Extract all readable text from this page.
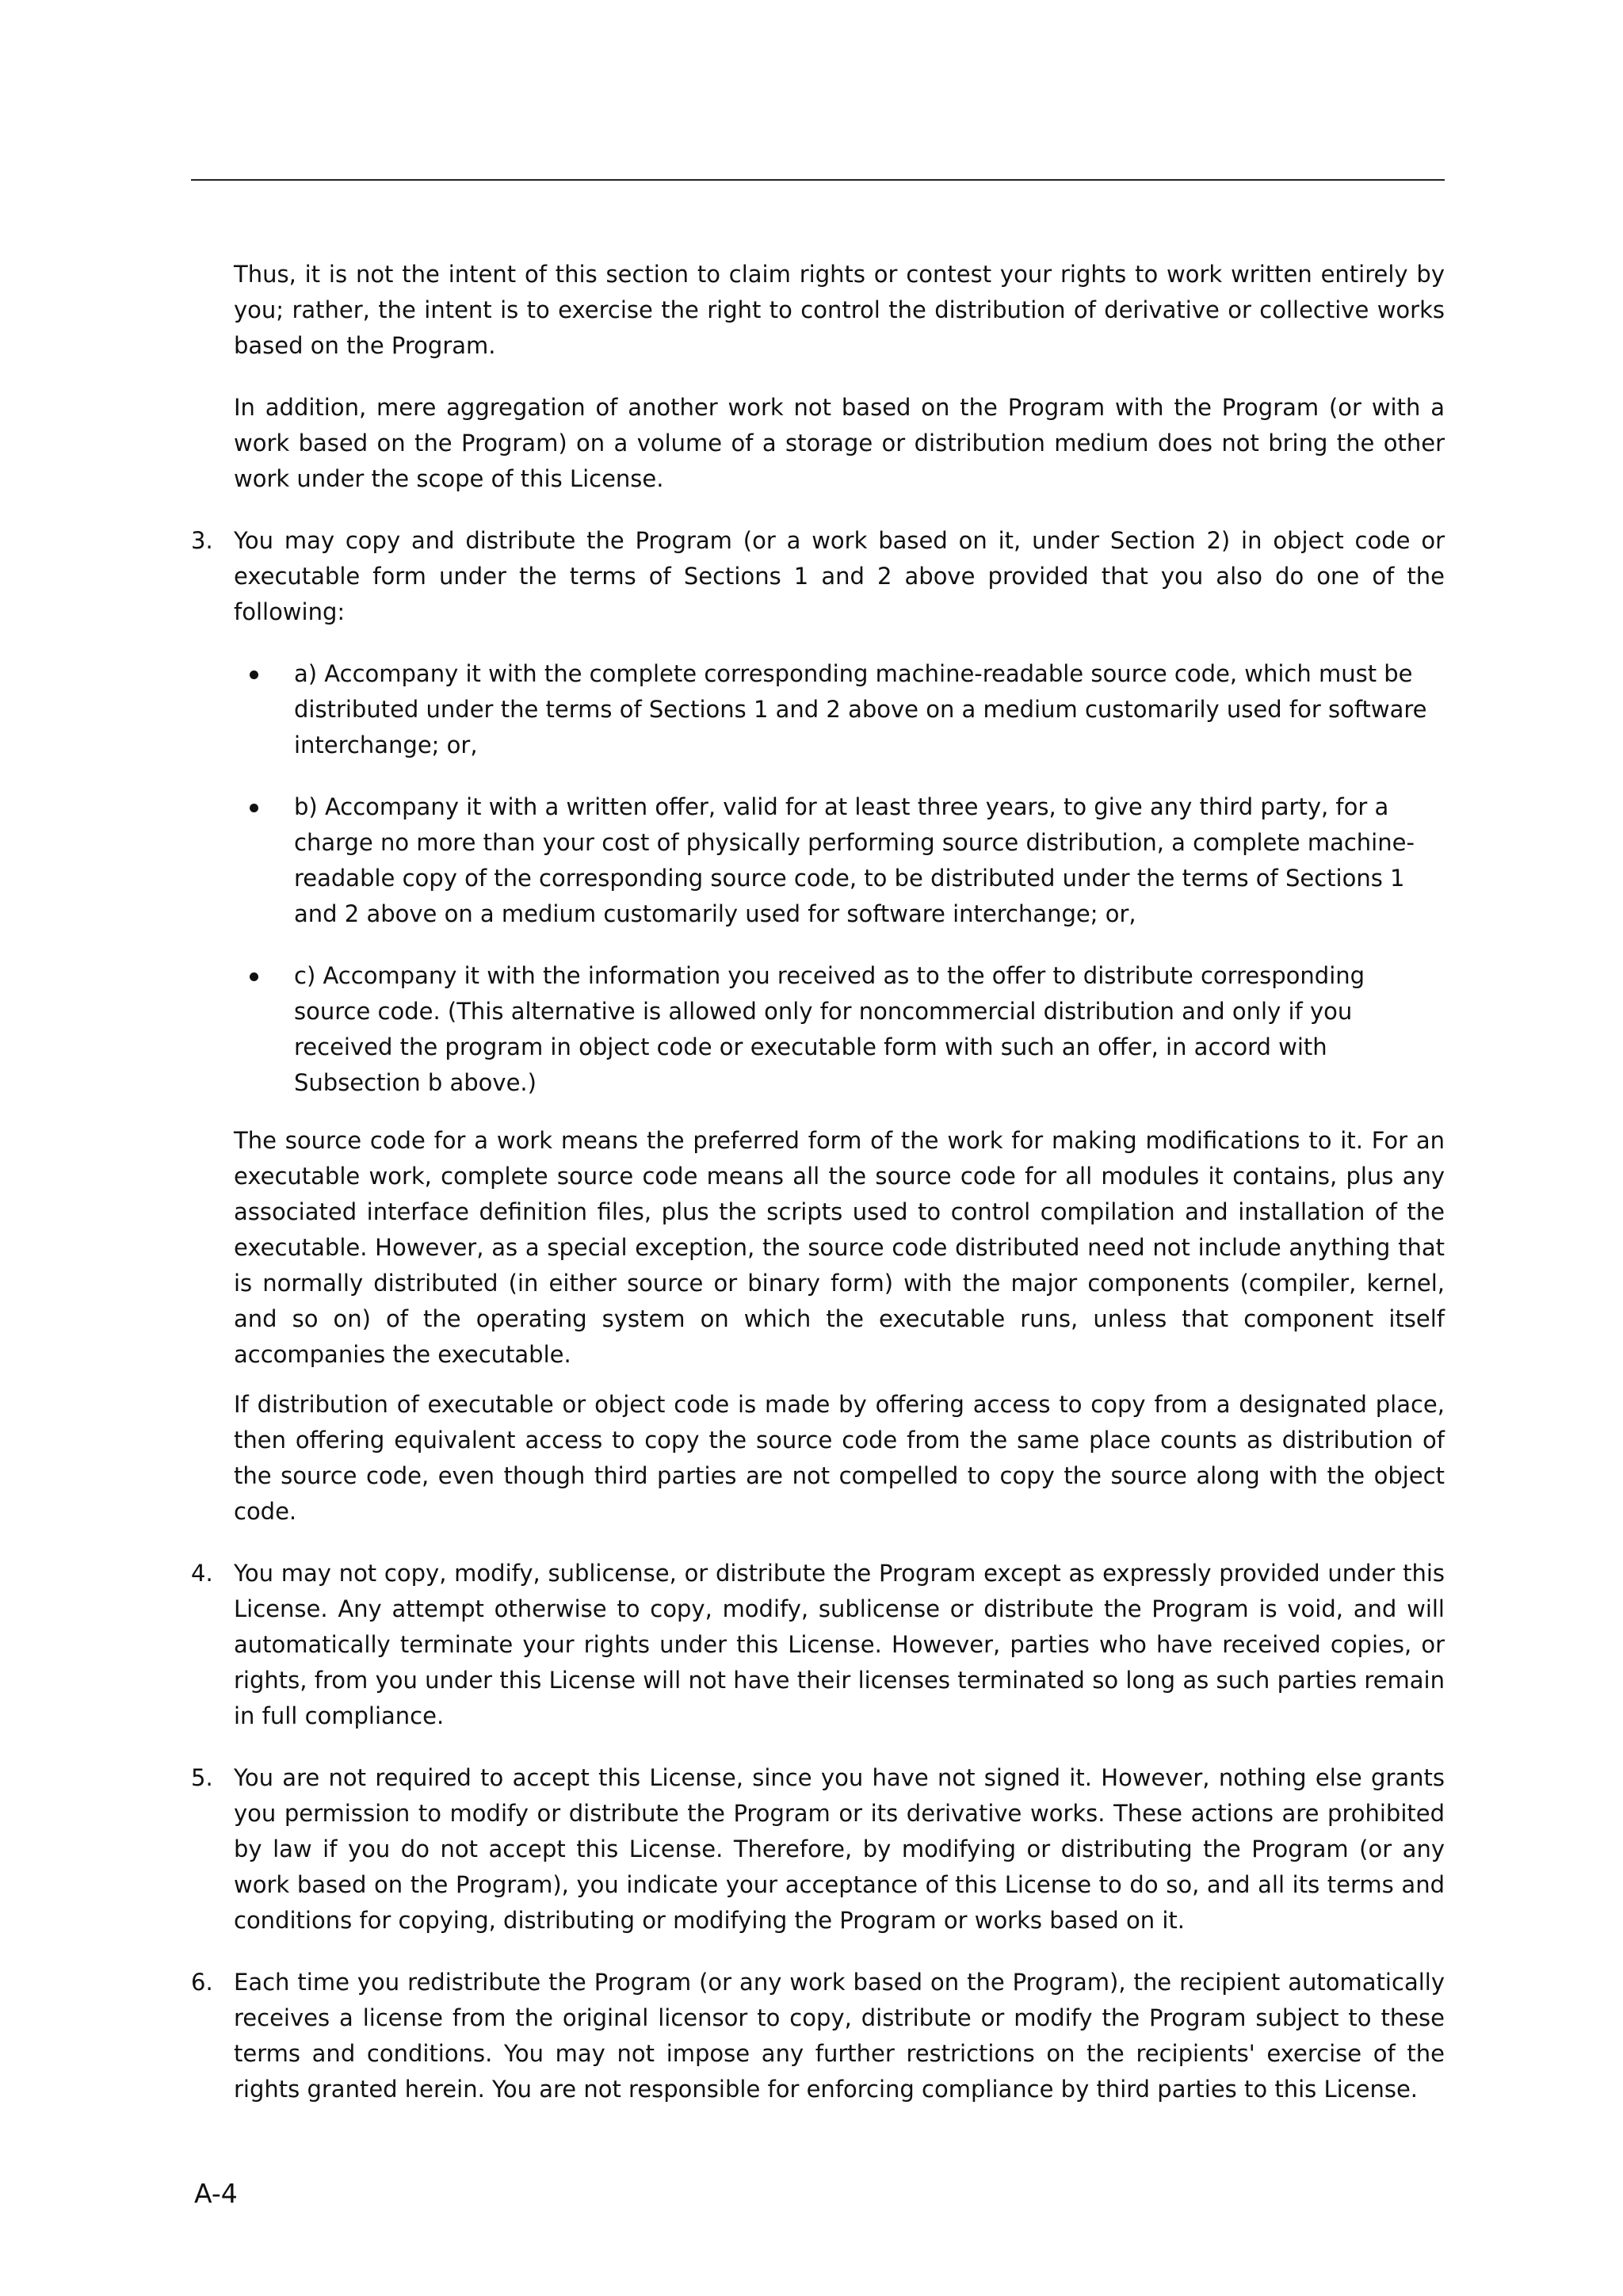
Thus, it is not the intent of this section to claim rights or contest your rights to work written entirely by you; rather, the intent is to exercise the right to control the distribution of derivative or collective works based on the Program.

In addition, mere aggregation of another work not based on the Program with the Program (or with a work based on the Program) on a volume of a storage or distribution medium does not bring the other work under the scope of this License.

3. You may copy and distribute the Program (or a work based on it, under Section 2) in object code or executable form under the terms of Sections 1 and 2 above provided that you also do one of the following:

a) Accompany it with the complete corresponding machine-readable source code, which must be distributed under the terms of Sections 1 and 2 above on a medium customarily used for software interchange; or,
b) Accompany it with a written offer, valid for at least three years, to give any third party, for a charge no more than your cost of physically performing source distribution, a complete machine-readable copy of the corresponding source code, to be distributed under the terms of Sections 1 and 2 above on a medium customarily used for software interchange; or,
c) Accompany it with the information you received as to the offer to distribute corresponding source code. (This alternative is allowed only for noncommercial distribution and only if you received the program in object code or executable form with such an offer, in accord with Subsection b above.)

The source code for a work means the preferred form of the work for making modifications to it. For an executable work, complete source code means all the source code for all modules it contains, plus any associated interface definition files, plus the scripts used to control compilation and installation of the executable. However, as a special exception, the source code distributed need not include anything that is normally distributed (in either source or binary form) with the major components (compiler, kernel, and so on) of the operating system on which the executable runs, unless that component itself accompanies the executable.

If distribution of executable or object code is made by offering access to copy from a designated place, then offering equivalent access to copy the source code from the same place counts as distribution of the source code, even though third parties are not compelled to copy the source along with the object code.

4. You may not copy, modify, sublicense, or distribute the Program except as expressly provided under this License. Any attempt otherwise to copy, modify, sublicense or distribute the Program is void, and will automatically terminate your rights under this License. However, parties who have received copies, or rights, from you under this License will not have their licenses terminated so long as such parties remain in full compliance.

5. You are not required to accept this License, since you have not signed it. However, nothing else grants you permission to modify or distribute the Program or its derivative works. These actions are prohibited by law if you do not accept this License. Therefore, by modifying or distributing the Program (or any work based on the Program), you indicate your acceptance of this License to do so, and all its terms and conditions for copying, distributing or modifying the Program or works based on it.

6. Each time you redistribute the Program (or any work based on the Program), the recipient automatically receives a license from the original licensor to copy, distribute or modify the Program subject to these terms and conditions. You may not impose any further restrictions on the recipients' exercise of the rights granted herein. You are not responsible for enforcing compliance by third parties to this License.

A-4
